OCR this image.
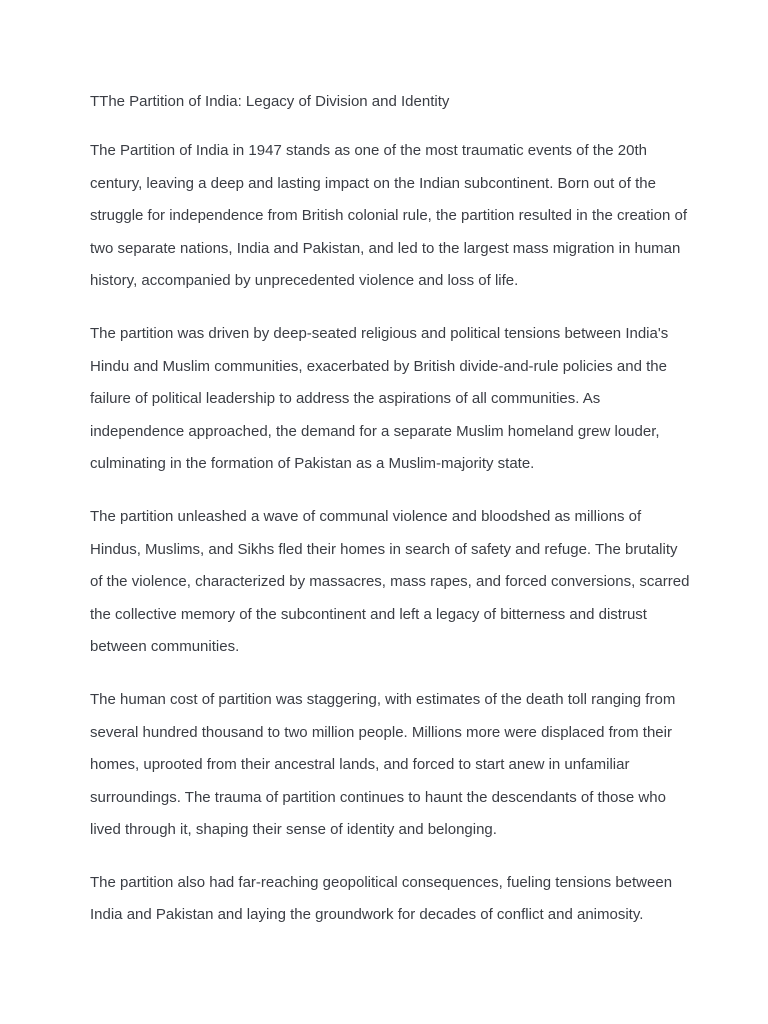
TThe Partition of India: Legacy of Division and Identity

The Partition of India in 1947 stands as one of the most traumatic events of the 20th century, leaving a deep and lasting impact on the Indian subcontinent. Born out of the struggle for independence from British colonial rule, the partition resulted in the creation of two separate nations, India and Pakistan, and led to the largest mass migration in human history, accompanied by unprecedented violence and loss of life.

The partition was driven by deep-seated religious and political tensions between India's Hindu and Muslim communities, exacerbated by British divide-and-rule policies and the failure of political leadership to address the aspirations of all communities. As independence approached, the demand for a separate Muslim homeland grew louder, culminating in the formation of Pakistan as a Muslim-majority state.

The partition unleashed a wave of communal violence and bloodshed as millions of Hindus, Muslims, and Sikhs fled their homes in search of safety and refuge. The brutality of the violence, characterized by massacres, mass rapes, and forced conversions, scarred the collective memory of the subcontinent and left a legacy of bitterness and distrust between communities.

The human cost of partition was staggering, with estimates of the death toll ranging from several hundred thousand to two million people. Millions more were displaced from their homes, uprooted from their ancestral lands, and forced to start anew in unfamiliar surroundings. The trauma of partition continues to haunt the descendants of those who lived through it, shaping their sense of identity and belonging.

The partition also had far-reaching geopolitical consequences, fueling tensions between India and Pakistan and laying the groundwork for decades of conflict and animosity.
